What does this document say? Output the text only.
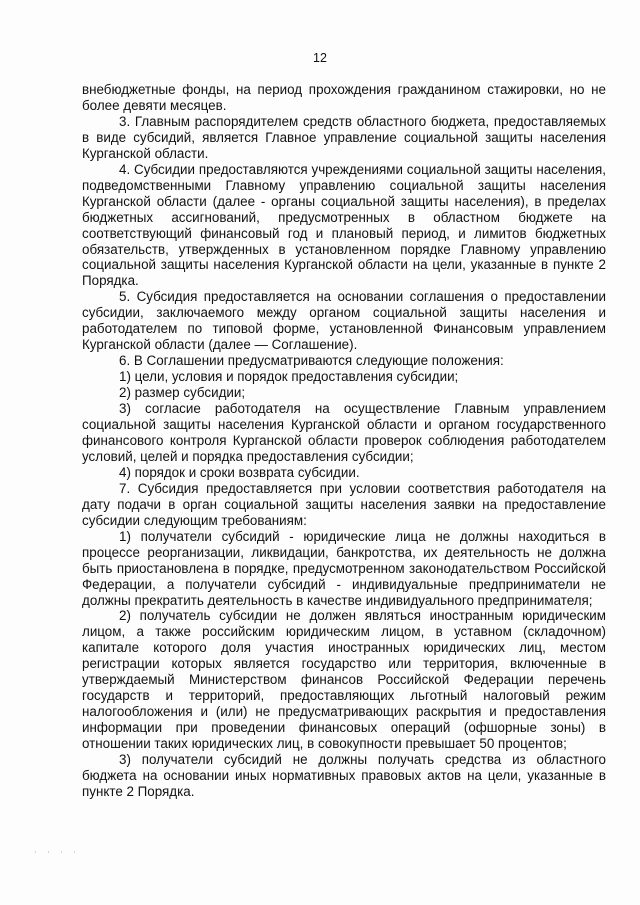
12

внебюджетные фонды, на период прохождения гражданином стажировки, но не более девяти месяцев.

3. Главным распорядителем средств областного бюджета, предоставляемых в виде субсидий, является Главное управление социальной защиты населения Курганской области.

4. Субсидии предоставляются учреждениями социальной защиты населения, подведомственными Главному управлению социальной защиты населения Курганской области (далее - органы социальной защиты населения), в пределах бюджетных ассигнований, предусмотренных в областном бюджете на соответствующий финансовый год и плановый период, и лимитов бюджетных обязательств, утвержденных в установленном порядке Главному управлению социальной защиты населения Курганской области на цели, указанные в пункте 2 Порядка.

5. Субсидия предоставляется на основании соглашения о предоставлении субсидии, заключаемого между органом социальной защиты населения и работодателем по типовой форме, установленной Финансовым управлением Курганской области (далее — Соглашение).

6. В Соглашении предусматриваются следующие положения:

1) цели, условия и порядок предоставления субсидии;

2) размер субсидии;

3) согласие работодателя на осуществление Главным управлением социальной защиты населения Курганской области и органом государственного финансового контроля Курганской области проверок соблюдения работодателем условий, целей и порядка предоставления субсидии;

4) порядок и сроки возврата субсидии.

7. Субсидия предоставляется при условии соответствия работодателя на дату подачи в орган социальной защиты населения заявки на предоставление субсидии следующим требованиям:

1) получатели субсидий - юридические лица не должны находиться в процессе реорганизации, ликвидации, банкротства, их деятельность не должна быть приостановлена в порядке, предусмотренном законодательством Российской Федерации, а получатели субсидий - индивидуальные предприниматели не должны прекратить деятельность в качестве индивидуального предпринимателя;

2) получатель субсидии не должен являться иностранным юридическим лицом, а также российским юридическим лицом, в уставном (складочном) капитале которого доля участия иностранных юридических лиц, местом регистрации которых является государство или территория, включенные в утверждаемый Министерством финансов Российской Федерации перечень государств и территорий, предоставляющих льготный налоговый режим налогообложения и (или) не предусматривающих раскрытия и предоставления информации при проведении финансовых операций (офшорные зоны) в отношении таких юридических лиц, в совокупности превышает 50 процентов;

3) получатели субсидий не должны получать средства из областного бюджета на основании иных нормативных правовых актов на цели, указанные в пункте 2 Порядка.

· · · ·
